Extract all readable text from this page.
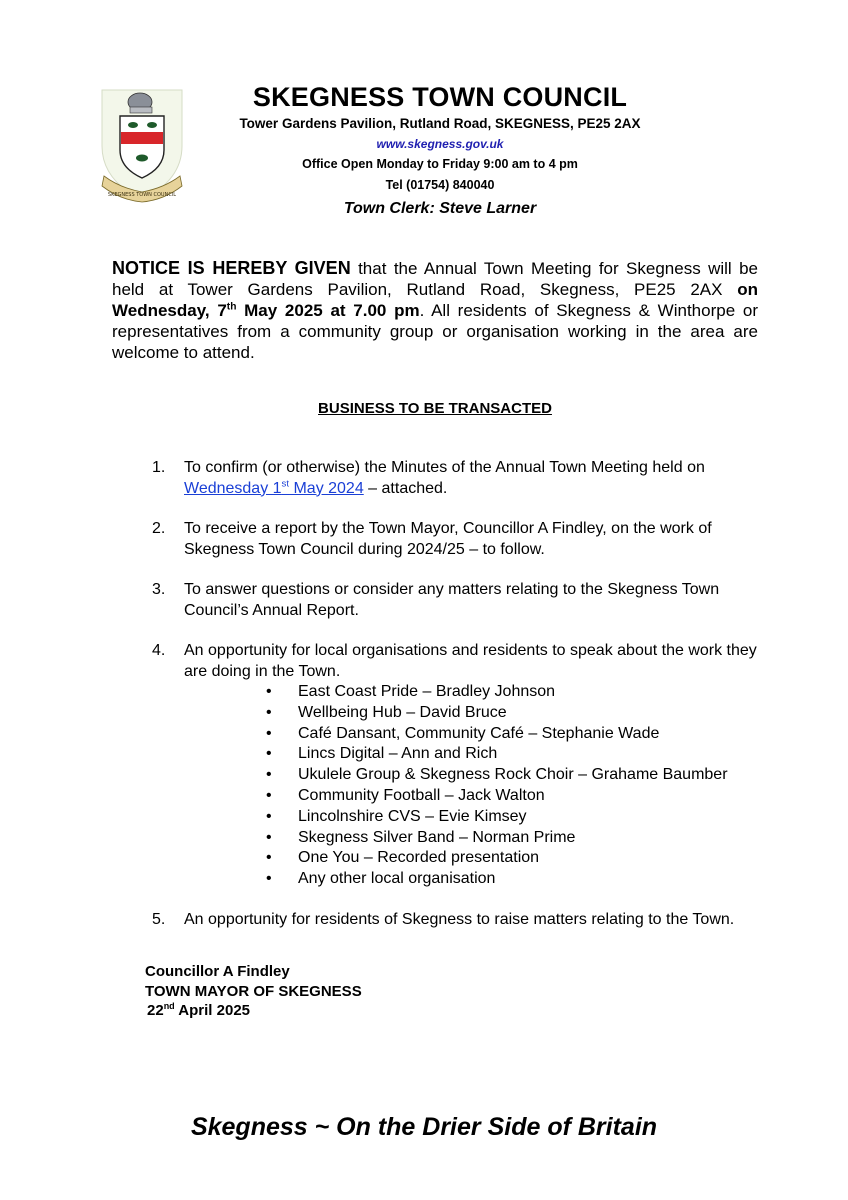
SKEGNESS TOWN COUNCIL
SKEGNESS TOWN COUNCIL
Tower Gardens Pavilion, Rutland Road, SKEGNESS, PE25 2AX
www.skegness.gov.uk
Office Open Monday to Friday 9:00 am to 4 pm
Tel (01754) 840040
Town Clerk: Steve Larner
NOTICE IS HEREBY GIVEN that the Annual Town Meeting for Skegness will be held at Tower Gardens Pavilion, Rutland Road, Skegness, PE25 2AX on Wednesday, 7th May 2025 at 7.00 pm. All residents of Skegness & Winthorpe or representatives from a community group or organisation working in the area are welcome to attend.
BUSINESS TO BE TRANSACTED
1. To confirm (or otherwise) the Minutes of the Annual Town Meeting held on Wednesday 1st May 2024 – attached.
2. To receive a report by the Town Mayor, Councillor A Findley, on the work of Skegness Town Council during 2024/25 – to follow.
3. To answer questions or consider any matters relating to the Skegness Town Council’s Annual Report.
4. An opportunity for local organisations and residents to speak about the work they are doing in the Town.
• East Coast Pride – Bradley Johnson
• Wellbeing Hub – David Bruce
• Café Dansant, Community Café – Stephanie Wade
• Lincs Digital – Ann and Rich
• Ukulele Group & Skegness Rock Choir – Grahame Baumber
• Community Football – Jack Walton
• Lincolnshire CVS – Evie Kimsey
• Skegness Silver Band – Norman Prime
• One You – Recorded presentation
• Any other local organisation
5. An opportunity for residents of Skegness to raise matters relating to the Town.
Councillor A Findley
TOWN MAYOR OF SKEGNESS
22nd April 2025
Skegness ~ On the Drier Side of Britain
